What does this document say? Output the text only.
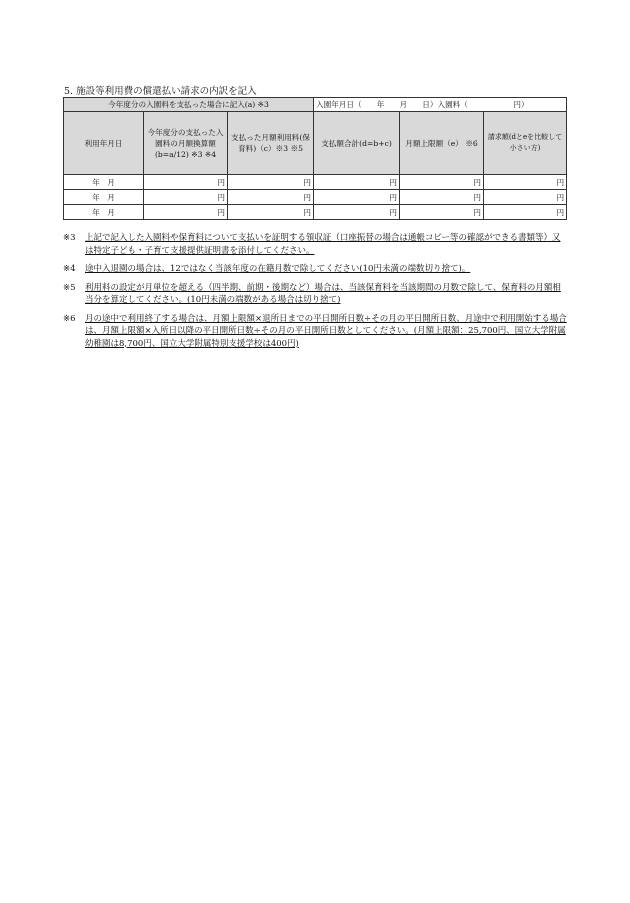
5. 施設等利用費の償還払い請求の内訳を記入
今年度分の入園料を支払った場合に記入(a) ※3			入園年月日（　　年　　月　　日）入園料（　　　　　　円）		
利用年月日	今年度分の支払った入園料の月額換算額(b=a/12) ※3 ※4	支払った月額利用料(保育料)（c）※3 ※5	支払額合計(d=b+c)	月額上限額（e） ※6	請求額(dとeを比較して小さい方)
年　月	円	円	円	円	円
年　月	円	円	円	円	円
年　月	円	円	円	円	円
※3	上記で記入した入園料や保育料について支払いを証明する領収証（口座振替の場合は通帳コピー等の確認ができる書類等）又は特定子ども・子育て支援提供証明書を添付してください。
※4	途中入退園の場合は、12ではなく当該年度の在籍月数で除してください(10円未満の端数切り捨て)。
※5	利用料の設定が月単位を超える（四半期、前期・後期など）場合は、当該保育料を当該期間の月数で除して、保育料の月額相当分を算定してください。(10円未満の端数がある場合は切り捨て)
※6	月の途中で利用終了する場合は、月額上限額×退所日までの平日開所日数÷その月の平日開所日数、月途中で利用開始する場合は、月額上限額×入所日以降の平日開所日数÷その月の平日開所日数としてください。(月額上限額：25,700円、国立大学附属幼稚園は8,700円、国立大学附属特別支援学校は400円)
